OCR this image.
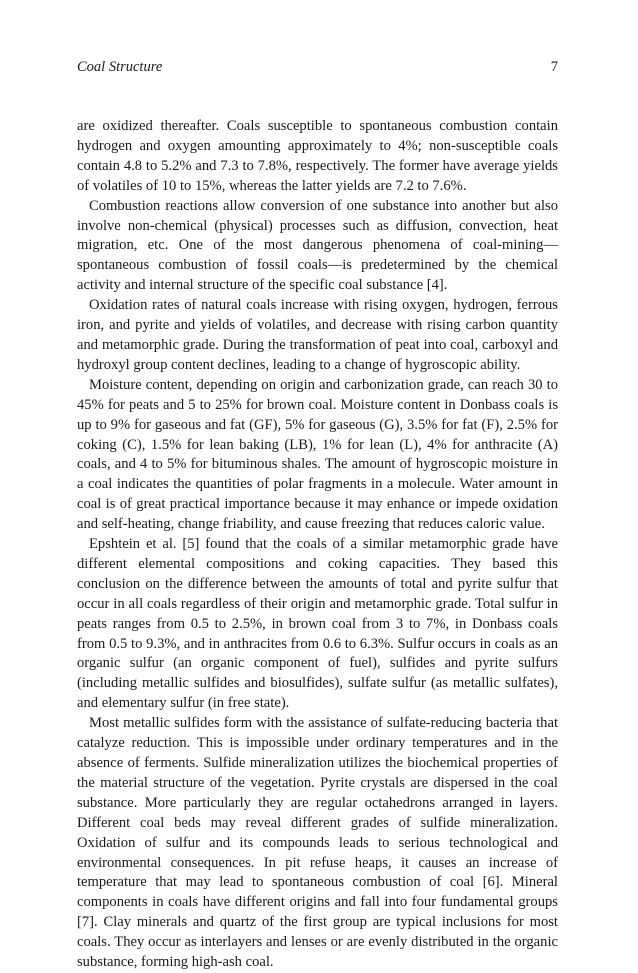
Coal Structure	7

are oxidized thereafter. Coals susceptible to spontaneous combustion contain hydrogen and oxygen amounting approximately to 4%; non-susceptible coals contain 4.8 to 5.2% and 7.3 to 7.8%, respectively. The former have average yields of volatiles of 10 to 15%, whereas the latter yields are 7.2 to 7.6%.

Combustion reactions allow conversion of one substance into another but also involve non-chemical (physical) processes such as diffusion, convection, heat migration, etc. One of the most dangerous phenomena of coal-mining—spontaneous combustion of fossil coals—is predetermined by the chemical activity and internal structure of the specific coal substance [4].

Oxidation rates of natural coals increase with rising oxygen, hydrogen, ferrous iron, and pyrite and yields of volatiles, and decrease with rising carbon quantity and metamorphic grade. During the transformation of peat into coal, carboxyl and hydroxyl group content declines, leading to a change of hygroscopic ability.

Moisture content, depending on origin and carbonization grade, can reach 30 to 45% for peats and 5 to 25% for brown coal. Moisture content in Donbass coals is up to 9% for gaseous and fat (GF), 5% for gaseous (G), 3.5% for fat (F), 2.5% for coking (C), 1.5% for lean baking (LB), 1% for lean (L), 4% for anthracite (A) coals, and 4 to 5% for bituminous shales. The amount of hygroscopic moisture in a coal indicates the quantities of polar fragments in a molecule. Water amount in coal is of great practical importance because it may enhance or impede oxidation and self-heating, change friability, and cause freezing that reduces caloric value.

Epshtein et al. [5] found that the coals of a similar metamorphic grade have different elemental compositions and coking capacities. They based this conclusion on the difference between the amounts of total and pyrite sulfur that occur in all coals regardless of their origin and metamorphic grade. Total sulfur in peats ranges from 0.5 to 2.5%, in brown coal from 3 to 7%, in Donbass coals from 0.5 to 9.3%, and in anthracites from 0.6 to 6.3%. Sulfur occurs in coals as an organic sulfur (an organic component of fuel), sulfides and pyrite sulfurs (including metallic sulfides and biosulfides), sulfate sulfur (as metallic sulfates), and elementary sulfur (in free state).

Most metallic sulfides form with the assistance of sulfate-reducing bacteria that catalyze reduction. This is impossible under ordinary temperatures and in the absence of ferments. Sulfide mineralization utilizes the biochemical properties of the material structure of the vegetation. Pyrite crystals are dispersed in the coal substance. More particularly they are regular octahedrons arranged in layers. Different coal beds may reveal different grades of sulfide mineralization. Oxidation of sulfur and its compounds leads to serious technological and environmental consequences. In pit refuse heaps, it causes an increase of temperature that may lead to spontaneous combustion of coal [6]. Mineral components in coals have different origins and fall into four fundamental groups [7]. Clay minerals and quartz of the first group are typical inclusions for most coals. They occur as interlayers and lenses or are evenly distributed in the organic substance, forming high-ash coal.
